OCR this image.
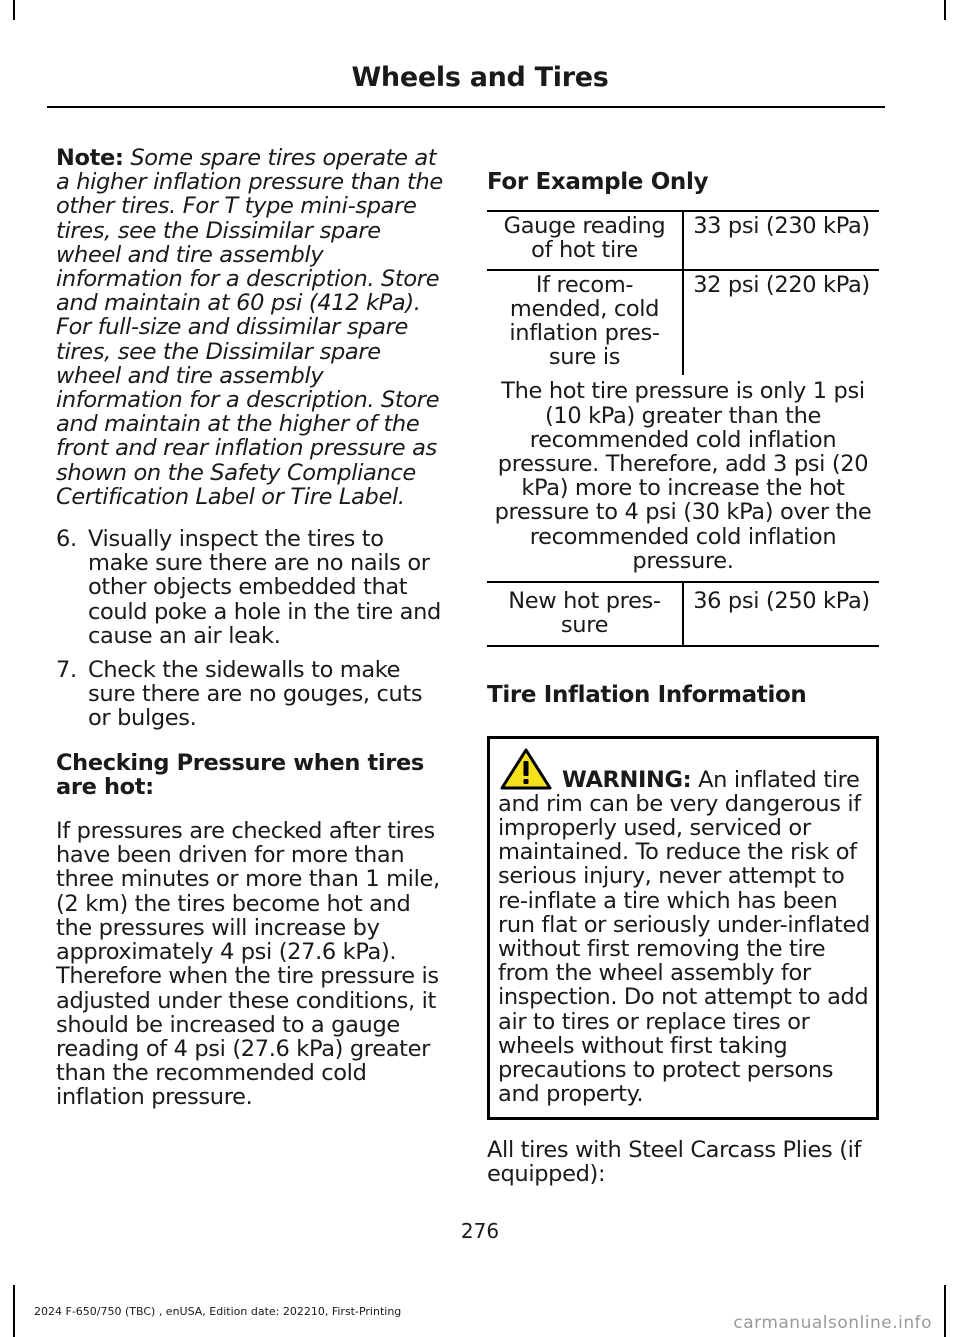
Wheels and Tires

Note: Some spare tires operate at a higher inflation pressure than the other tires. For T type mini-spare tires, see the Dissimilar spare wheel and tire assembly information for a description. Store and maintain at 60 psi (412 kPa). For full-size and dissimilar spare tires, see the Dissimilar spare wheel and tire assembly information for a description. Store and maintain at the higher of the front and rear inflation pressure as shown on the Safety Compliance Certification Label or Tire Label.

6. Visually inspect the tires to make sure there are no nails or other objects embedded that could poke a hole in the tire and cause an air leak.
7. Check the sidewalls to make sure there are no gouges, cuts or bulges.

Checking Pressure when tires are hot:

If pressures are checked after tires have been driven for more than three minutes or more than 1 mile, (2 km) the tires become hot and the pressures will increase by approximately 4 psi (27.6 kPa). Therefore when the tire pressure is adjusted under these conditions, it should be increased to a gauge reading of 4 psi (27.6 kPa) greater than the recommended cold inflation pressure.

For Example Only

Gauge reading of hot tire	33 psi (230 kPa)
If recom-mended, cold inflation pres-sure is	32 psi (220 kPa)
The hot tire pressure is only 1 psi (10 kPa) greater than the recommended cold inflation pressure. Therefore, add 3 psi (20 kPa) more to increase the hot pressure to 4 psi (30 kPa) over the recommended cold inflation pressure.	
New hot pres-sure	36 psi (250 kPa)

Tire Inflation Information

WARNING: An inflated tire and rim can be very dangerous if improperly used, serviced or maintained. To reduce the risk of serious injury, never attempt to re-inflate a tire which has been run flat or seriously under-inflated without first removing the tire from the wheel assembly for inspection. Do not attempt to add air to tires or replace tires or wheels without first taking precautions to protect persons and property.

All tires with Steel Carcass Plies (if equipped):

276
2024 F-650/750 (TBC) , enUSA, Edition date: 202210, First-Printing
carmanualsonline.info
